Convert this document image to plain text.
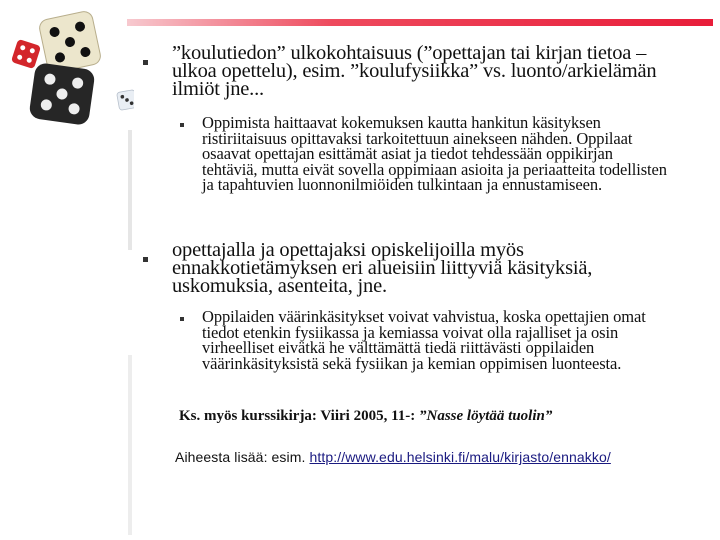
”koulutiedon” ulkokohtaisuus (”opettajan tai kirjan tietoa – ulkoa opettelu), esim. ”koulufysiikka” vs. luonto/arkielämän ilmiöt jne...
Oppimista haittaavat kokemuksen kautta hankitun käsityksen ristiriitaisuus opittavaksi tarkoitettuun ainekseen nähden. Oppilaat osaavat opettajan esittämät asiat ja tiedot tehdessään oppikirjan tehtäviä, mutta eivät sovella oppimiaan asioita ja periaatteita todellisten ja tapahtuvien luonnonilmiöiden tulkintaan ja ennustamiseen.
opettajalla ja opettajaksi opiskelijoilla myös ennakkotietämyksen eri alueisiin liittyviä käsityksiä, uskomuksia, asenteita, jne.
Oppilaiden väärinkäsitykset voivat vahvistua, koska opettajien omat tiedot etenkin fysiikassa ja kemiassa voivat olla rajalliset ja osin virheelliset eivätkä he välttämättä tiedä riittävästi oppilaiden väärinkäsityksistä sekä fysiikan ja kemian oppimisen luonteesta.
Ks. myös kurssikirja: Viiri 2005, 11-: ”Nasse löytää tuolin”
Aiheesta lisää: esim. http://www.edu.helsinki.fi/malu/kirjasto/ennakko/
